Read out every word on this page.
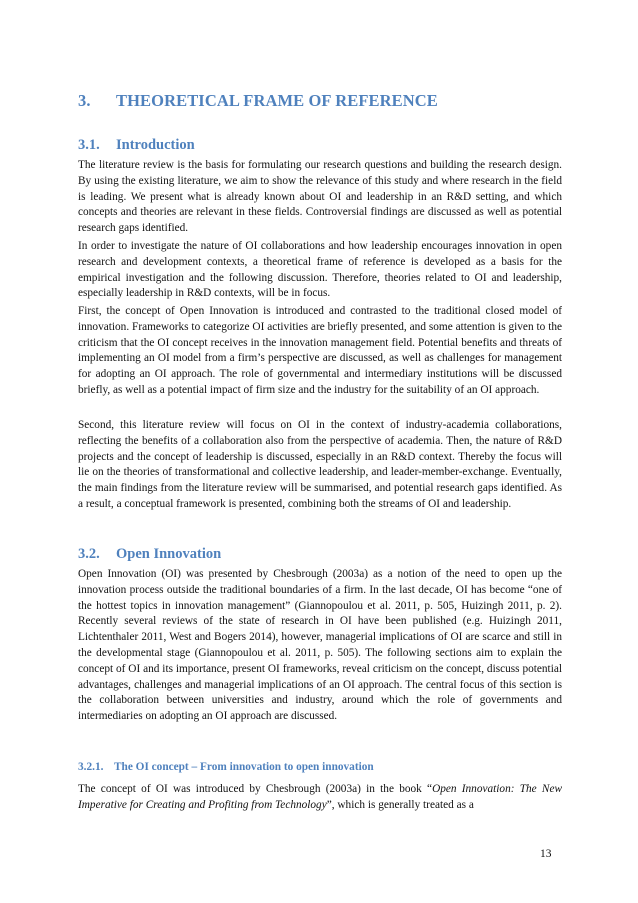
3. THEORETICAL FRAME OF REFERENCE
3.1. Introduction

The literature review is the basis for formulating our research questions and building the research design. By using the existing literature, we aim to show the relevance of this study and where research in the field is leading. We present what is already known about OI and leadership in an R&D setting, and which concepts and theories are relevant in these fields. Controversial findings are discussed as well as potential research gaps identified.

In order to investigate the nature of OI collaborations and how leadership encourages innovation in open research and development contexts, a theoretical frame of reference is developed as a basis for the empirical investigation and the following discussion. Therefore, theories related to OI and leadership, especially leadership in R&D contexts, will be in focus.

First, the concept of Open Innovation is introduced and contrasted to the traditional closed model of innovation. Frameworks to categorize OI activities are briefly presented, and some attention is given to the criticism that the OI concept receives in the innovation management field. Potential benefits and threats of implementing an OI model from a firm’s perspective are discussed, as well as challenges for management for adopting an OI approach. The role of governmental and intermediary institutions will be discussed briefly, as well as a potential impact of firm size and the industry for the suitability of an OI approach.

Second, this literature review will focus on OI in the context of industry-academia collaborations, reflecting the benefits of a collaboration also from the perspective of academia. Then, the nature of R&D projects and the concept of leadership is discussed, especially in an R&D context. Thereby the focus will lie on the theories of transformational and collective leadership, and leader-member-exchange. Eventually, the main findings from the literature review will be summarised, and potential research gaps identified. As a result, a conceptual framework is presented, combining both the streams of OI and leadership.

3.2. Open Innovation

Open Innovation (OI) was presented by Chesbrough (2003a) as a notion of the need to open up the innovation process outside the traditional boundaries of a firm. In the last decade, OI has become “one of the hottest topics in innovation management” (Giannopoulou et al. 2011, p. 505, Huizingh 2011, p. 2). Recently several reviews of the state of research in OI have been published (e.g. Huizingh 2011, Lichtenthaler 2011, West and Bogers 2014), however, managerial implications of OI are scarce and still in the developmental stage (Giannopoulou et al. 2011, p. 505). The following sections aim to explain the concept of OI and its importance, present OI frameworks, reveal criticism on the concept, discuss potential advantages, challenges and managerial implications of an OI approach. The central focus of this section is the collaboration between universities and industry, around which the role of governments and intermediaries on adopting an OI approach are discussed.

3.2.1. The OI concept – From innovation to open innovation

The concept of OI was introduced by Chesbrough (2003a) in the book “Open Innovation: The New Imperative for Creating and Profiting from Technology”, which is generally treated as a

13
